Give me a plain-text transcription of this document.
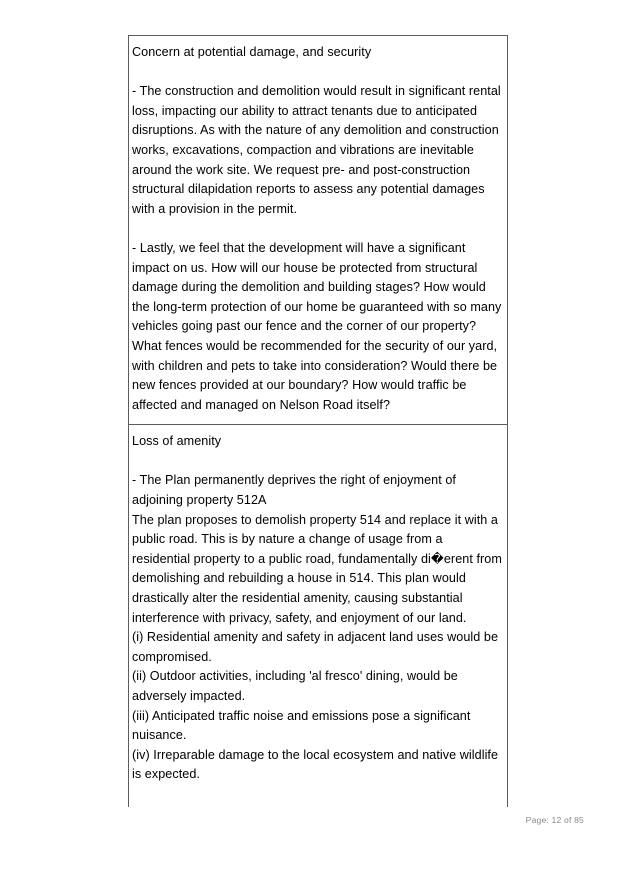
Concern at potential damage, and security

- The construction and demolition would result in significant rental loss, impacting our ability to attract tenants due to anticipated disruptions. As with the nature of any demolition and construction works, excavations, compaction and vibrations are inevitable around the work site. We request pre- and post-construction structural dilapidation reports to assess any potential damages with a provision in the permit.

- Lastly, we feel that the development will have a significant impact on us. How will our house be protected from structural damage during the demolition and building stages? How would the long-term protection of our home be guaranteed with so many vehicles going past our fence and the corner of our property? What fences would be recommended for the security of our yard, with children and pets to take into consideration? Would there be new fences provided at our boundary? How would traffic be affected and managed on Nelson Road itself?

Loss of amenity

- The Plan permanently deprives the right of enjoyment of adjoining property 512A

The plan proposes to demolish property 514 and replace it with a public road. This is by nature a change of usage from a residential property to a public road, fundamentally di�erent from demolishing and rebuilding a house in 514. This plan would drastically alter the residential amenity, causing substantial interference with privacy, safety, and enjoyment of our land.

(i) Residential amenity and safety in adjacent land uses would be compromised.

(ii) Outdoor activities, including 'al fresco' dining, would be adversely impacted.

(iii) Anticipated traffic noise and emissions pose a significant nuisance.

(iv) Irreparable damage to the local ecosystem and native wildlife is expected.

Page: 12 of 85
